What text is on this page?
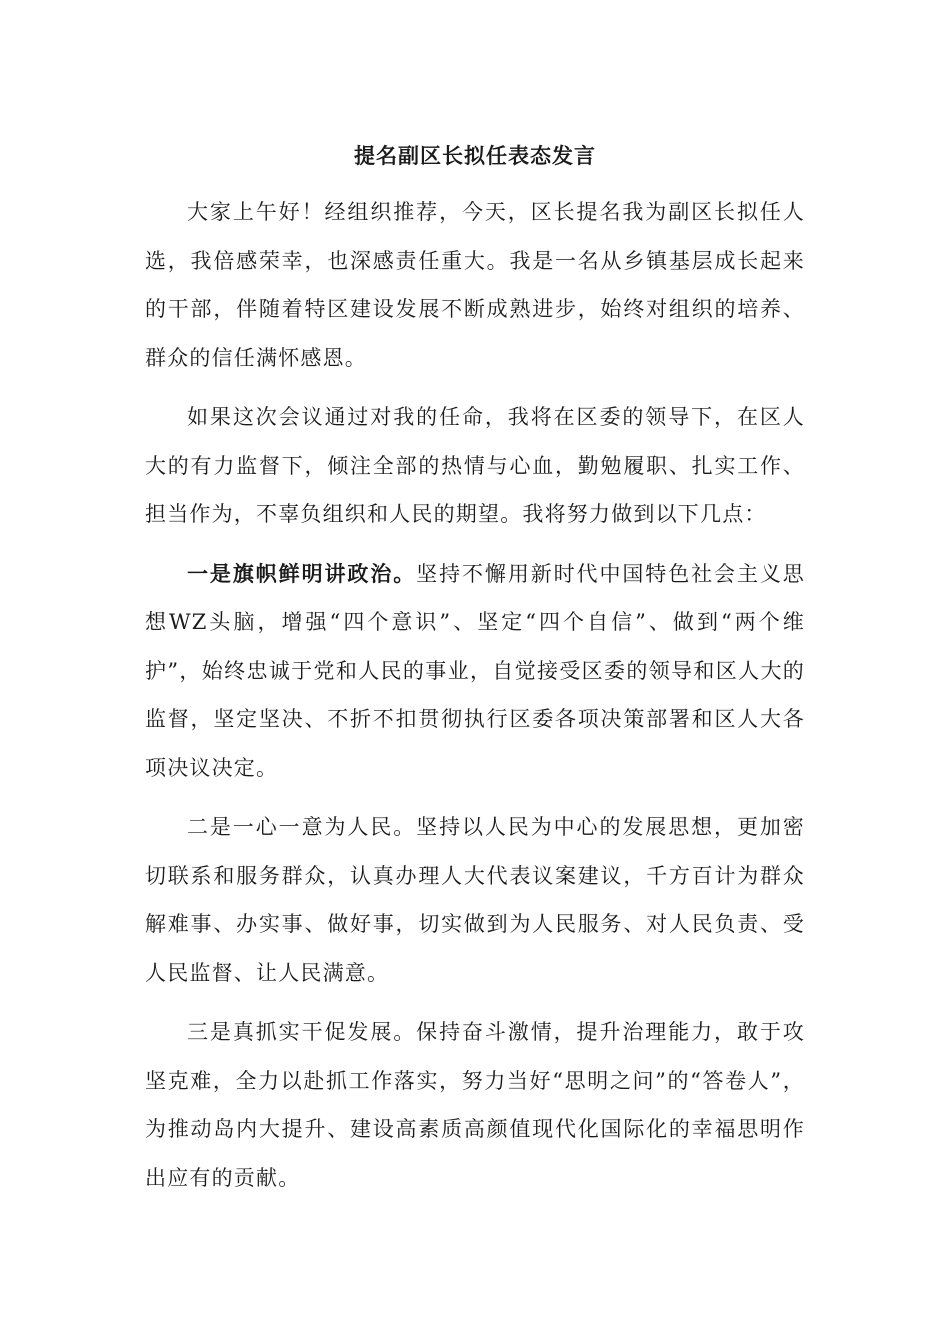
提名副区长拟任表态发言

大家上午好！经组织推荐，今天，区长提名我为副区长拟任人选，我倍感荣幸，也深感责任重大。我是一名从乡镇基层成长起来的干部，伴随着特区建设发展不断成熟进步，始终对组织的培养、群众的信任满怀感恩。

如果这次会议通过对我的任命，我将在区委的领导下，在区人大的有力监督下，倾注全部的热情与心血，勤勉履职、扎实工作、担当作为，不辜负组织和人民的期望。我将努力做到以下几点：

一是旗帜鲜明讲政治。坚持不懈用新时代中国特色社会主义思想WZ头脑，增强“四个意识”、坚定“四个自信”、做到“两个维护”，始终忠诚于党和人民的事业，自觉接受区委的领导和区人大的监督，坚定坚决、不折不扣贯彻执行区委各项决策部署和区人大各项决议决定。

二是一心一意为人民。坚持以人民为中心的发展思想，更加密切联系和服务群众，认真办理人大代表议案建议，千方百计为群众解难事、办实事、做好事，切实做到为人民服务、对人民负责、受人民监督、让人民满意。

三是真抓实干促发展。保持奋斗激情，提升治理能力，敢于攻坚克难，全力以赴抓工作落实，努力当好“思明之问”的“答卷人”，为推动岛内大提升、建设高素质高颜值现代化国际化的幸福思明作出应有的贡献。
